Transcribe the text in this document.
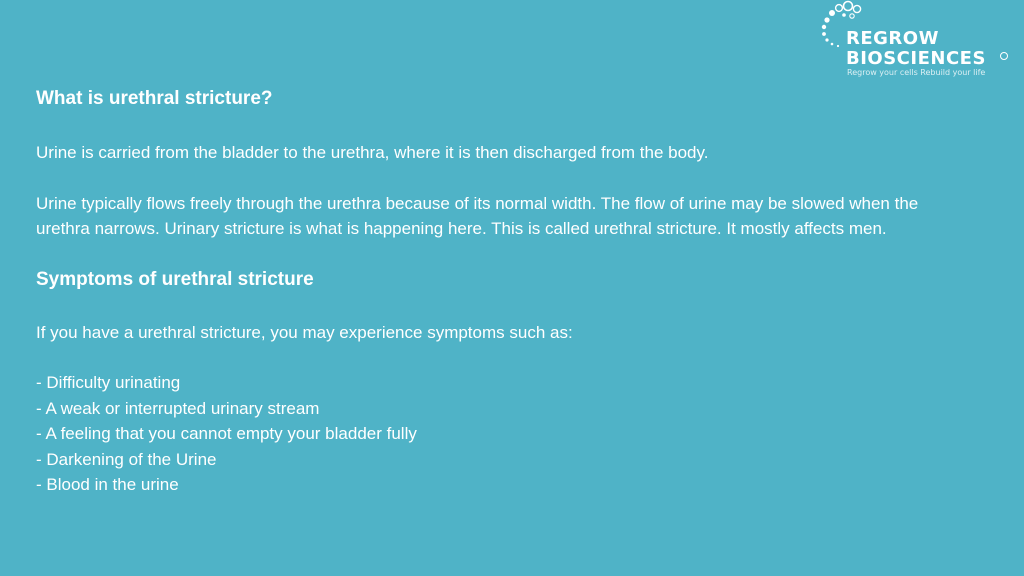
REGROW
BIOSCIENCES
Regrow your cells Rebuild your life
What is urethral stricture?

Urine is carried from the bladder to the urethra, where it is then discharged from the body.

Urine typically flows freely through the urethra because of its normal width. The flow of urine may be slowed when the urethra narrows. Urinary stricture is what is happening here. This is called urethral stricture. It mostly affects men.

Symptoms of urethral stricture

If you have a urethral stricture, you may experience symptoms such as:

- Difficulty urinating
- A weak or interrupted urinary stream
- A feeling that you cannot empty your bladder fully
- Darkening of the Urine
- Blood in the urine
